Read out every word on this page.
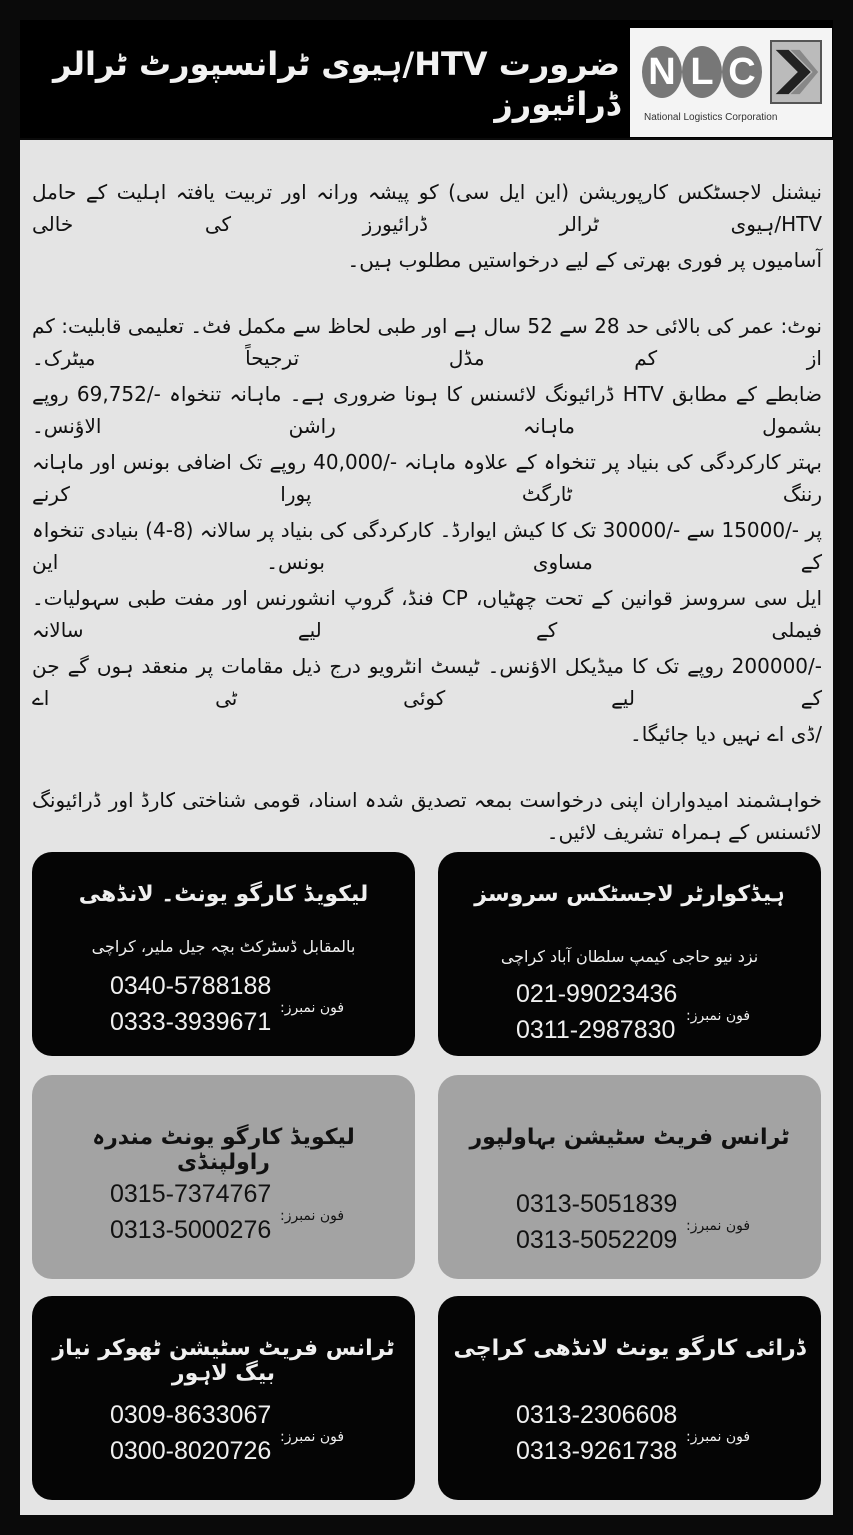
ضرورت HTV/ہیوی ٹرانسپورٹ ٹرالر ڈرائیورز
N L C
National Logistics Corporation
نیشنل لاجسٹکس کارپوریشن (این ایل سی) کو پیشہ ورانہ اور تربیت یافتہ اہلیت کے حامل HTV/ہیوی ٹرالر ڈرائیورز کی خالی
آسامیوں پر فوری بھرتی کے لیے درخواستیں مطلوب ہیں۔
نوٹ: عمر کی بالائی حد 28 سے 52 سال ہے اور طبی لحاظ سے مکمل فٹ۔ تعلیمی قابلیت: کم از کم مڈل ترجیحاً میٹرک۔
ضابطے کے مطابق HTV ڈرائیونگ لائسنس کا ہونا ضروری ہے۔ ماہانہ تنخواہ -/69,752 روپے بشمول ماہانہ راشن الاؤنس۔
بہتر کارکردگی کی بنیاد پر تنخواہ کے علاوہ ماہانہ -/40,000 روپے تک اضافی بونس اور ماہانہ رننگ ٹارگٹ پورا کرنے
پر -/15000 سے -/30000 تک کا کیش ایوارڈ۔ کارکردگی کی بنیاد پر سالانہ (8-4) بنیادی تنخواہ کے مساوی بونس۔ این
ایل سی سروسز قوانین کے تحت چھٹیاں، CP فنڈ، گروپ انشورنس اور مفت طبی سہولیات۔ فیملی کے لیے سالانہ
-/200000 روپے تک کا میڈیکل الاؤنس۔ ٹیسٹ انٹرویو درج ذیل مقامات پر منعقد ہوں گے جن کے لیے کوئی ٹی اے
/ڈی اے نہیں دیا جائیگا۔
خواہشمند امیدواران اپنی درخواست بمعہ تصدیق شدہ اسناد، قومی شناختی کارڈ اور ڈرائیونگ لائسنس کے ہمراہ تشریف لائیں۔
ہیڈکوارٹر لاجسٹکس سروسز
نزد نیو حاجی کیمپ سلطان آباد کراچی
021-99023436
0311-2987830 فون نمبرز:
لیکویڈ کارگو یونٹ۔ لانڈھی
بالمقابل ڈسٹرکٹ بچہ جیل ملیر، کراچی
0340-5788188
0333-3939671 فون نمبرز:
ٹرانس فریٹ سٹیشن بہاولپور
0313-5051839
0313-5052209 فون نمبرز:
لیکویڈ کارگو یونٹ مندرہ راولپنڈی
0315-7374767
0313-5000276 فون نمبرز:
ڈرائی کارگو یونٹ لانڈھی کراچی
0313-2306608
0313-9261738 فون نمبرز:
ٹرانس فریٹ سٹیشن ٹھوکر نیاز بیگ لاہور
0309-8633067
0300-8020726 فون نمبرز:
